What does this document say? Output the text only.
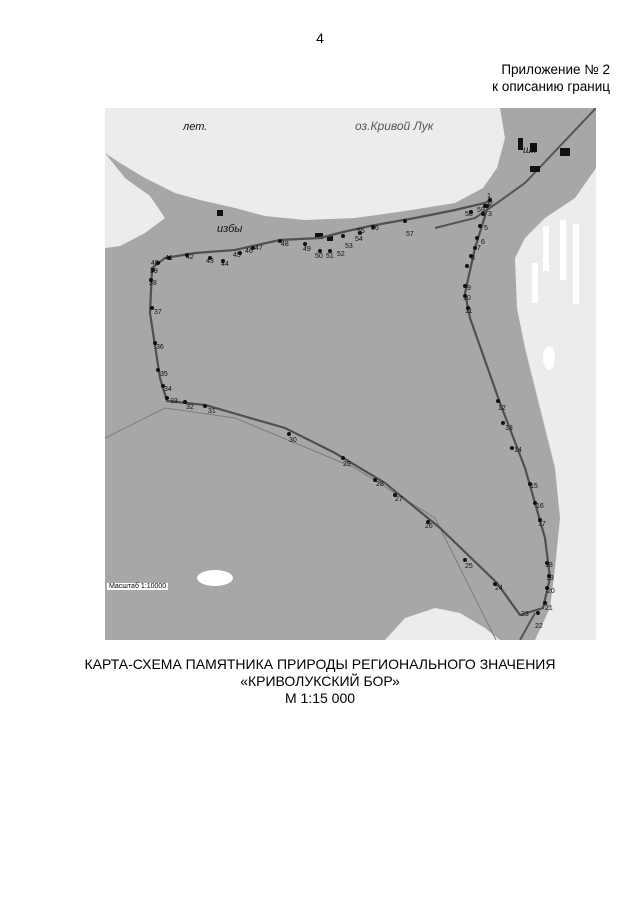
4
Приложение № 2
к описанию границ
1
2
3
5
6
7
8
9
10
11
12
13
14
15
16
17
18
19
20
21
22
23
24
25
26
27
28
29
30
31
32
33
34
35
36
37
38
39
40
41 42
43 44
45
46 47
48
49
50 51 52
53
54
55 56
57
58
59
оз.Кривой Лук
лет.
избы
шк
Масштаб 1:10000
КАРТА-СХЕМА ПАМЯТНИКА ПРИРОДЫ РЕГИОНАЛЬНОГО ЗНАЧЕНИЯ
«КРИВОЛУКСКИЙ БОР»
М 1:15 000
